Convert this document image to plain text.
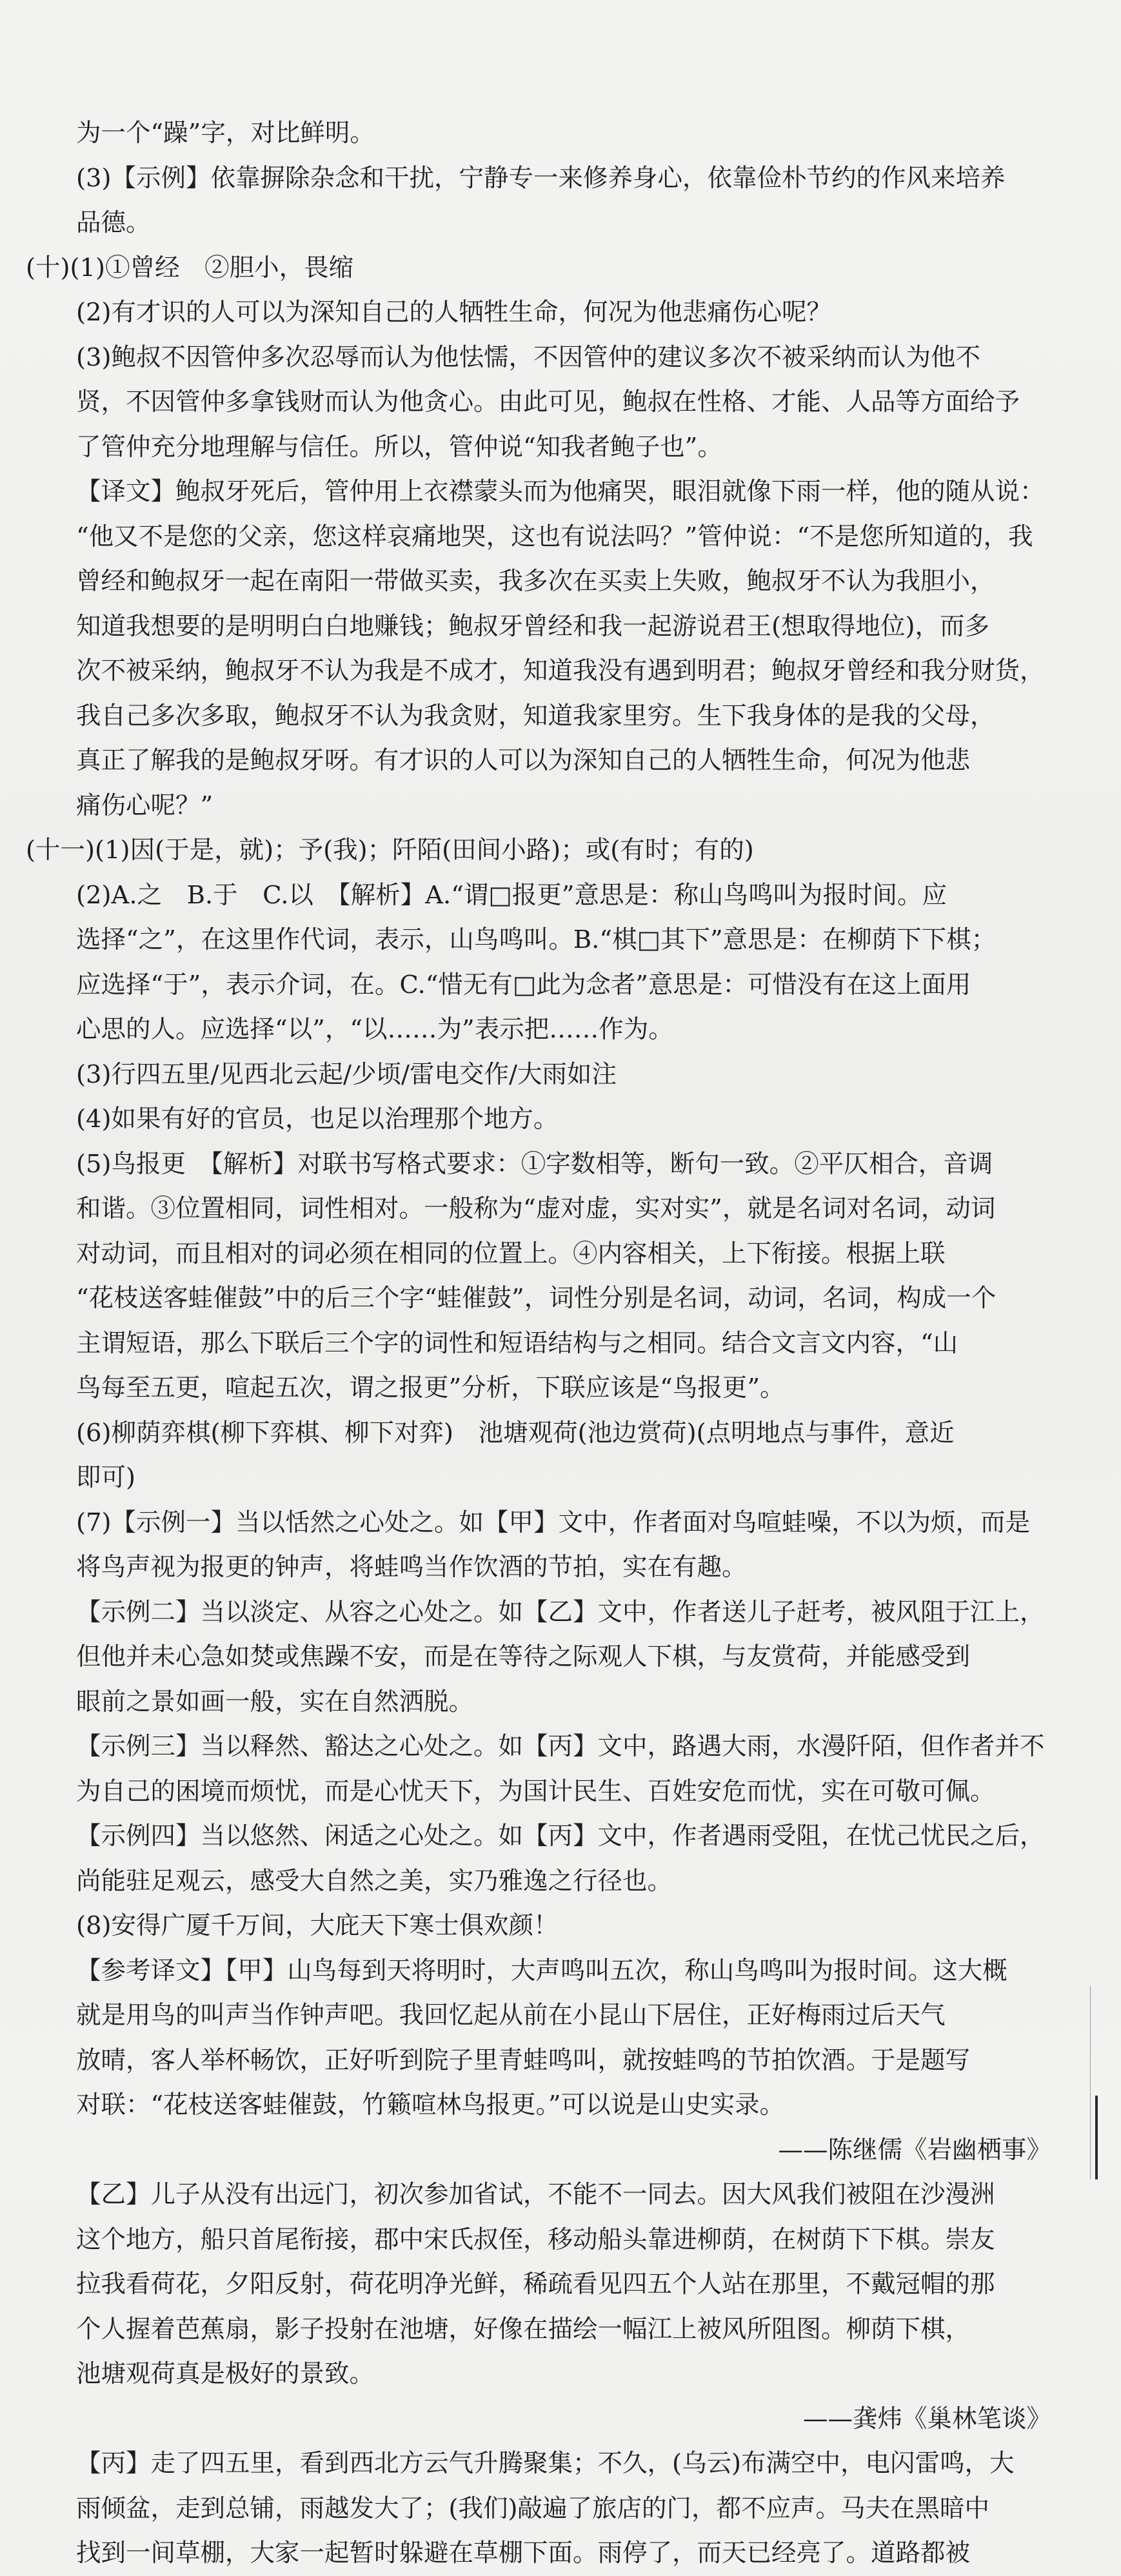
为一个“躁”字，对比鲜明。
(3)【示例】依靠摒除杂念和干扰，宁静专一来修养身心，依靠俭朴节约的作风来培养
品德。
(十)(1)①曾经　②胆小，畏缩
(2)有才识的人可以为深知自己的人牺牲生命，何况为他悲痛伤心呢？
(3)鲍叔不因管仲多次忍辱而认为他怯懦，不因管仲的建议多次不被采纳而认为他不
贤，不因管仲多拿钱财而认为他贪心。由此可见，鲍叔在性格、才能、人品等方面给予
了管仲充分地理解与信任。所以，管仲说“知我者鲍子也”。
【译文】鲍叔牙死后，管仲用上衣襟蒙头而为他痛哭，眼泪就像下雨一样，他的随从说：
“他又不是您的父亲，您这样哀痛地哭，这也有说法吗？”管仲说：“不是您所知道的，我
曾经和鲍叔牙一起在南阳一带做买卖，我多次在买卖上失败，鲍叔牙不认为我胆小，
知道我想要的是明明白白地赚钱；鲍叔牙曾经和我一起游说君王(想取得地位)，而多
次不被采纳，鲍叔牙不认为我是不成才，知道我没有遇到明君；鲍叔牙曾经和我分财货，
我自己多次多取，鲍叔牙不认为我贪财，知道我家里穷。生下我身体的是我的父母，
真正了解我的是鲍叔牙呀。有才识的人可以为深知自己的人牺牲生命，何况为他悲
痛伤心呢？”
(十一)(1)因(于是，就)；予(我)；阡陌(田间小路)；或(有时；有的)
(2)A.之　B.于　C.以　【解析】A.“谓□报更”意思是：称山鸟鸣叫为报时间。应
选择“之”，在这里作代词，表示，山鸟鸣叫。B.“棋□其下”意思是：在柳荫下下棋；
应选择“于”，表示介词，在。C.“惜无有□此为念者”意思是：可惜没有在这上面用
心思的人。应选择“以”，“以……为”表示把……作为。
(3)行四五里/见西北云起/少顷/雷电交作/大雨如注
(4)如果有好的官员，也足以治理那个地方。
(5)鸟报更　【解析】对联书写格式要求：①字数相等，断句一致。②平仄相合，音调
和谐。③位置相同，词性相对。一般称为“虚对虚，实对实”，就是名词对名词，动词
对动词，而且相对的词必须在相同的位置上。④内容相关，上下衔接。根据上联
“花枝送客蛙催鼓”中的后三个字“蛙催鼓”，词性分别是名词，动词，名词，构成一个
主谓短语，那么下联后三个字的词性和短语结构与之相同。结合文言文内容，“山
鸟每至五更，喧起五次，谓之报更”分析，下联应该是“鸟报更”。
(6)柳荫弈棋(柳下弈棋、柳下对弈)　池塘观荷(池边赏荷)(点明地点与事件，意近
即可)
(7)【示例一】当以恬然之心处之。如【甲】文中，作者面对鸟喧蛙噪，不以为烦，而是
将鸟声视为报更的钟声，将蛙鸣当作饮酒的节拍，实在有趣。
【示例二】当以淡定、从容之心处之。如【乙】文中，作者送儿子赶考，被风阻于江上，
但他并未心急如焚或焦躁不安，而是在等待之际观人下棋，与友赏荷，并能感受到
眼前之景如画一般，实在自然洒脱。
【示例三】当以释然、豁达之心处之。如【丙】文中，路遇大雨，水漫阡陌，但作者并不
为自己的困境而烦忧，而是心忧天下，为国计民生、百姓安危而忧，实在可敬可佩。
【示例四】当以悠然、闲适之心处之。如【丙】文中，作者遇雨受阻，在忧己忧民之后，
尚能驻足观云，感受大自然之美，实乃雅逸之行径也。
(8)安得广厦千万间，大庇天下寒士俱欢颜！
【参考译文】【甲】山鸟每到天将明时，大声鸣叫五次，称山鸟鸣叫为报时间。这大概
就是用鸟的叫声当作钟声吧。我回忆起从前在小昆山下居住，正好梅雨过后天气
放晴，客人举杯畅饮，正好听到院子里青蛙鸣叫，就按蛙鸣的节拍饮酒。于是题写
对联：“花枝送客蛙催鼓，竹籁喧林鸟报更。”可以说是山史实录。
——陈继儒《岩幽栖事》
【乙】儿子从没有出远门，初次参加省试，不能不一同去。因大风我们被阻在沙漫洲
这个地方，船只首尾衔接，郡中宋氏叔侄，移动船头靠进柳荫，在树荫下下棋。崇友
拉我看荷花，夕阳反射，荷花明净光鲜，稀疏看见四五个人站在那里，不戴冠帽的那
个人握着芭蕉扇，影子投射在池塘，好像在描绘一幅江上被风所阻图。柳荫下棋，
池塘观荷真是极好的景致。
——龚炜《巢林笔谈》
【丙】走了四五里，看到西北方云气升腾聚集；不久，(乌云)布满空中，电闪雷鸣，大
雨倾盆，走到总铺，雨越发大了；(我们)敲遍了旅店的门，都不应声。马夫在黑暗中
找到一间草棚，大家一起暂时躲避在草棚下面。雨停了，而天已经亮了。道路都被
